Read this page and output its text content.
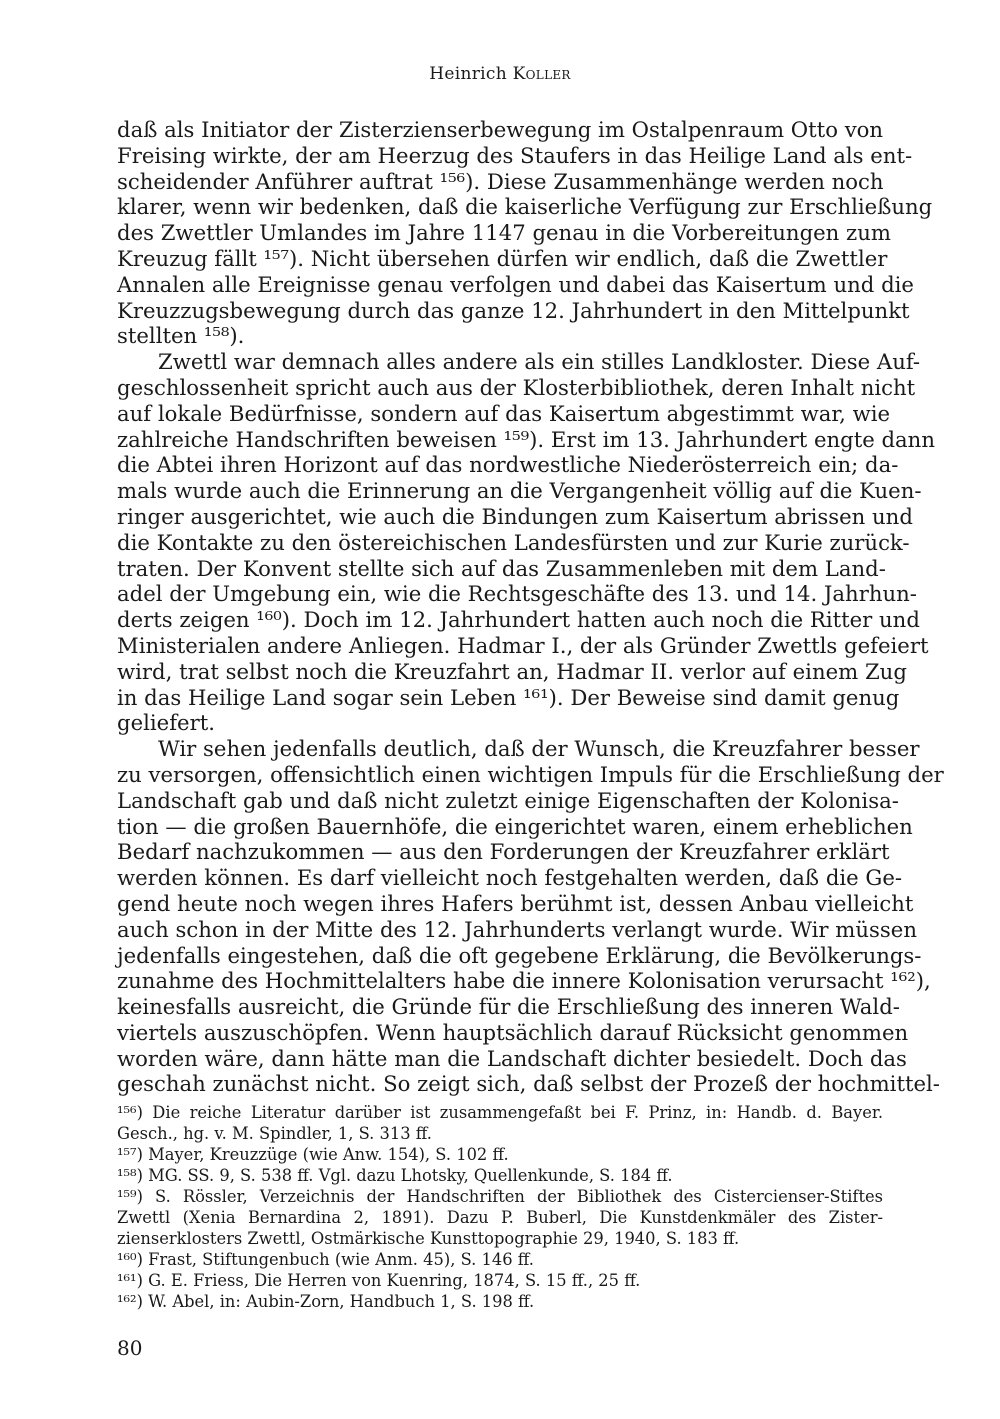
Heinrich Koller
daß als Initiator der Zisterzienserbewegung im Ostalpenraum Otto von
Freising wirkte, der am Heerzug des Staufers in das Heilige Land als ent-
scheidender Anführer auftrat ¹⁵⁶). Diese Zusammenhänge werden noch
klarer, wenn wir bedenken, daß die kaiserliche Verfügung zur Erschließung
des Zwettler Umlandes im Jahre 1147 genau in die Vorbereitungen zum
Kreuzug fällt ¹⁵⁷). Nicht übersehen dürfen wir endlich, daß die Zwettler
Annalen alle Ereignisse genau verfolgen und dabei das Kaisertum und die
Kreuzzugsbewegung durch das ganze 12. Jahrhundert in den Mittelpunkt
stellten ¹⁵⁸).
Zwettl war demnach alles andere als ein stilles Landkloster. Diese Auf-
geschlossenheit spricht auch aus der Klosterbibliothek, deren Inhalt nicht
auf lokale Bedürfnisse, sondern auf das Kaisertum abgestimmt war, wie
zahlreiche Handschriften beweisen ¹⁵⁹). Erst im 13. Jahrhundert engte dann
die Abtei ihren Horizont auf das nordwestliche Niederösterreich ein; da-
mals wurde auch die Erinnerung an die Vergangenheit völlig auf die Kuen-
ringer ausgerichtet, wie auch die Bindungen zum Kaisertum abrissen und
die Kontakte zu den östereichischen Landesfürsten und zur Kurie zurück-
traten. Der Konvent stellte sich auf das Zusammenleben mit dem Land-
adel der Umgebung ein, wie die Rechtsgeschäfte des 13. und 14. Jahrhun-
derts zeigen ¹⁶⁰). Doch im 12. Jahrhundert hatten auch noch die Ritter und
Ministerialen andere Anliegen. Hadmar I., der als Gründer Zwettls gefeiert
wird, trat selbst noch die Kreuzfahrt an, Hadmar II. verlor auf einem Zug
in das Heilige Land sogar sein Leben ¹⁶¹). Der Beweise sind damit genug
geliefert.
Wir sehen jedenfalls deutlich, daß der Wunsch, die Kreuzfahrer besser
zu versorgen, offensichtlich einen wichtigen Impuls für die Erschließung der
Landschaft gab und daß nicht zuletzt einige Eigenschaften der Kolonisa-
tion — die großen Bauernhöfe, die eingerichtet waren, einem erheblichen
Bedarf nachzukommen — aus den Forderungen der Kreuzfahrer erklärt
werden können. Es darf vielleicht noch festgehalten werden, daß die Ge-
gend heute noch wegen ihres Hafers berühmt ist, dessen Anbau vielleicht
auch schon in der Mitte des 12. Jahrhunderts verlangt wurde. Wir müssen
jedenfalls eingestehen, daß die oft gegebene Erklärung, die Bevölkerungs-
zunahme des Hochmittelalters habe die innere Kolonisation verursacht ¹⁶²),
keinesfalls ausreicht, die Gründe für die Erschließung des inneren Wald-
viertels auszuschöpfen. Wenn hauptsächlich darauf Rücksicht genommen
worden wäre, dann hätte man die Landschaft dichter besiedelt. Doch das
geschah zunächst nicht. So zeigt sich, daß selbst der Prozeß der hochmittel-
¹⁵⁶) Die reiche Literatur darüber ist zusammengefaßt bei F. Prinz, in: Handb. d. Bayer.
Gesch., hg. v. M. Spindler, 1, S. 313 ff.
¹⁵⁷) Mayer, Kreuzzüge (wie Anw. 154), S. 102 ff.
¹⁵⁸) MG. SS. 9, S. 538 ff. Vgl. dazu Lhotsky, Quellenkunde, S. 184 ff.
¹⁵⁹) S. Rössler, Verzeichnis der Handschriften der Bibliothek des Cistercienser-Stiftes
Zwettl (Xenia Bernardina 2, 1891). Dazu P. Buberl, Die Kunstdenkmäler des Zister-
zienserklosters Zwettl, Ostmärkische Kunsttopographie 29, 1940, S. 183 ff.
¹⁶⁰) Frast, Stiftungenbuch (wie Anm. 45), S. 146 ff.
¹⁶¹) G. E. Friess, Die Herren von Kuenring, 1874, S. 15 ff., 25 ff.
¹⁶²) W. Abel, in: Aubin-Zorn, Handbuch 1, S. 198 ff.
80
